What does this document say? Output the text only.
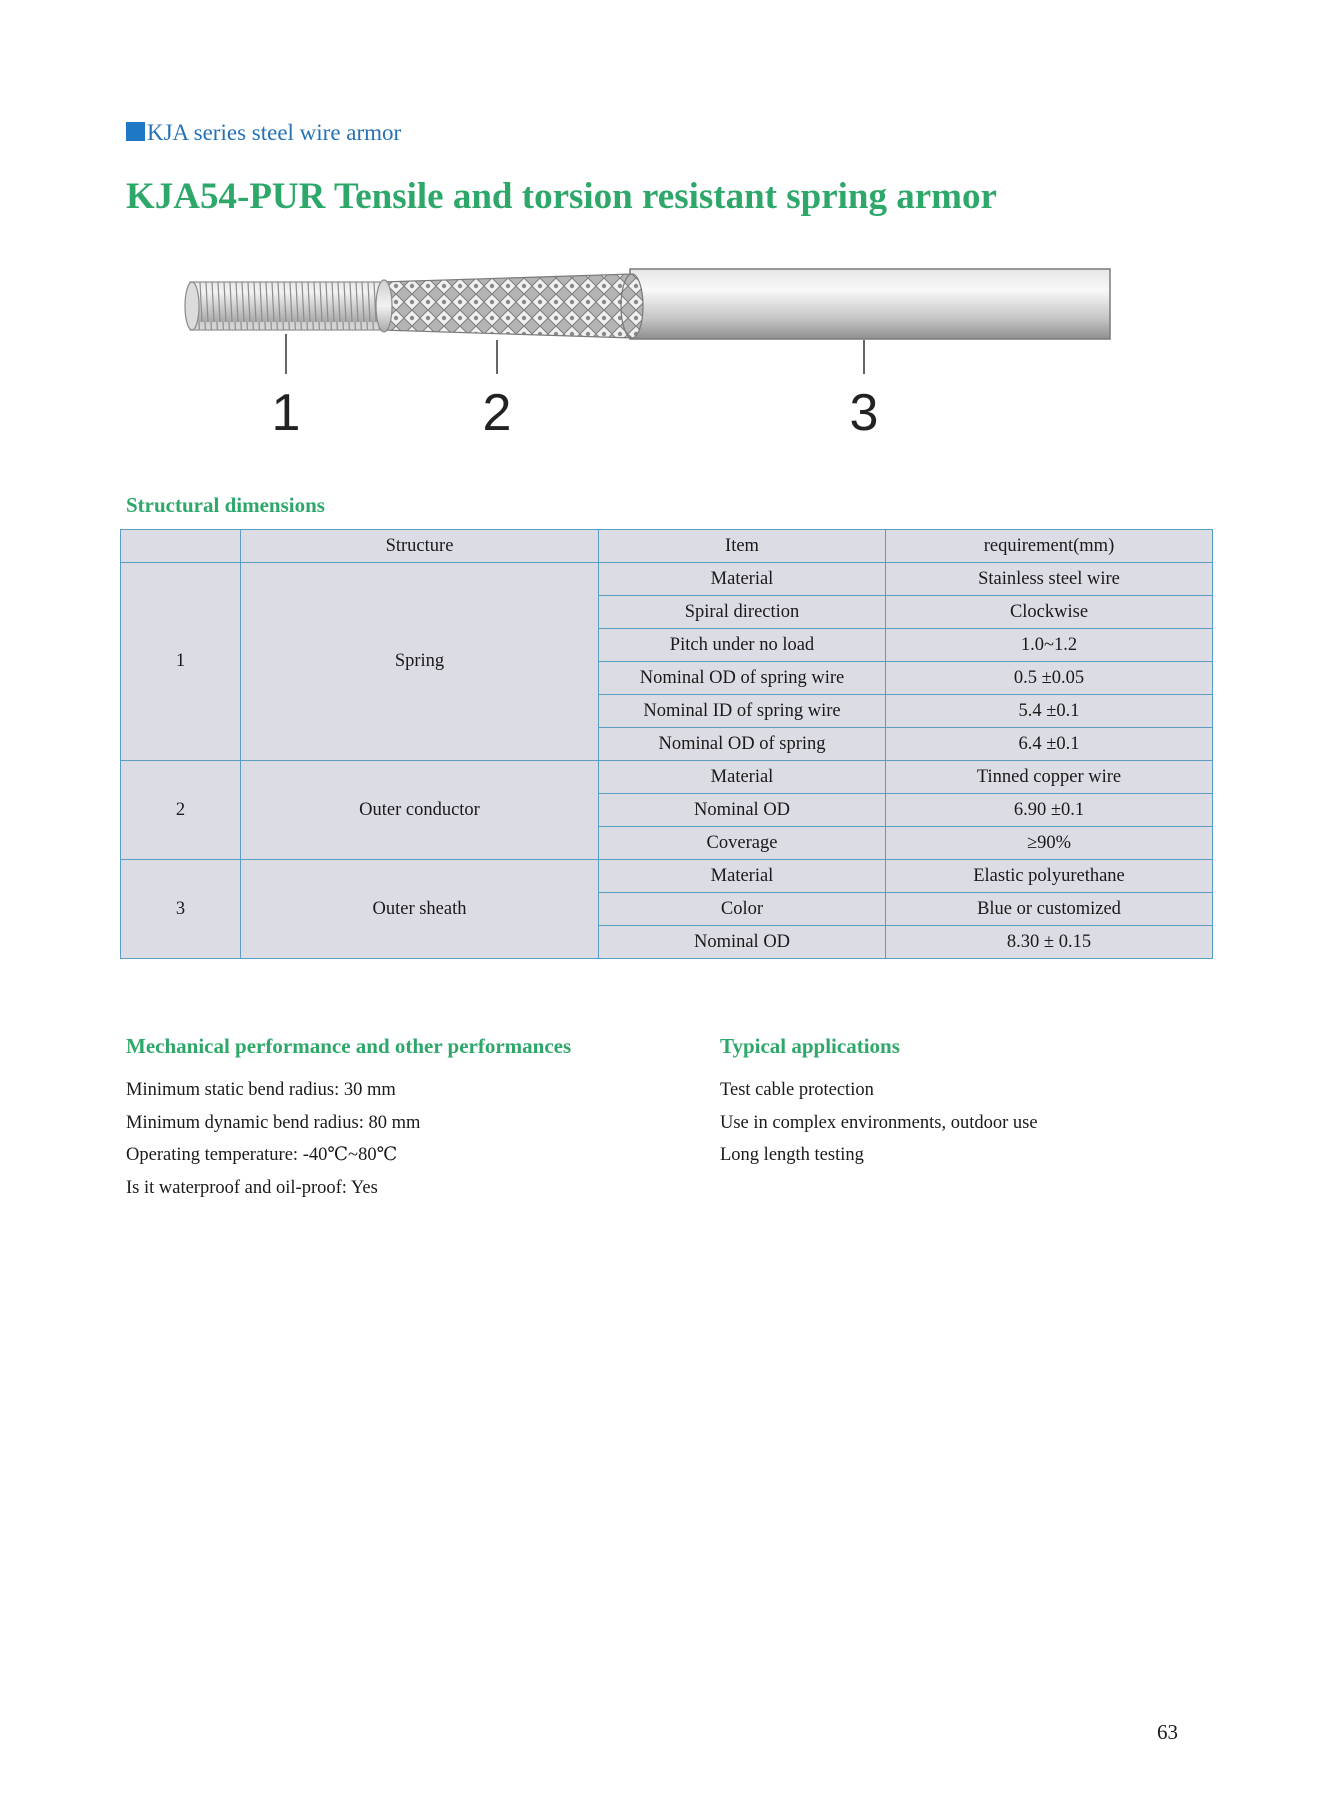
KJA series steel wire armor
KJA54-PUR Tensile and torsion resistant spring armor
1	2	3
Structural dimensions
	Structure	Item	requirement(mm)
1	Spring	Material	Stainless steel wire
		Spiral direction	Clockwise
		Pitch under no load	1.0~1.2
		Nominal OD of spring wire	0.5 ±0.05
		Nominal ID of spring wire	5.4 ±0.1
		Nominal OD of spring	6.4 ±0.1
2	Outer conductor	Material	Tinned copper wire
		Nominal OD	6.90 ±0.1
		Coverage	≥90%
3	Outer sheath	Material	Elastic polyurethane
		Color	Blue or customized
		Nominal OD	8.30 ± 0.15
Mechanical performance and other performances
Minimum static bend radius: 30 mm
Minimum dynamic bend radius: 80 mm
Operating temperature: -40℃~80℃
Is it waterproof and oil-proof: Yes
Typical applications
Test cable protection
Use in complex environments, outdoor use
Long length testing
63
